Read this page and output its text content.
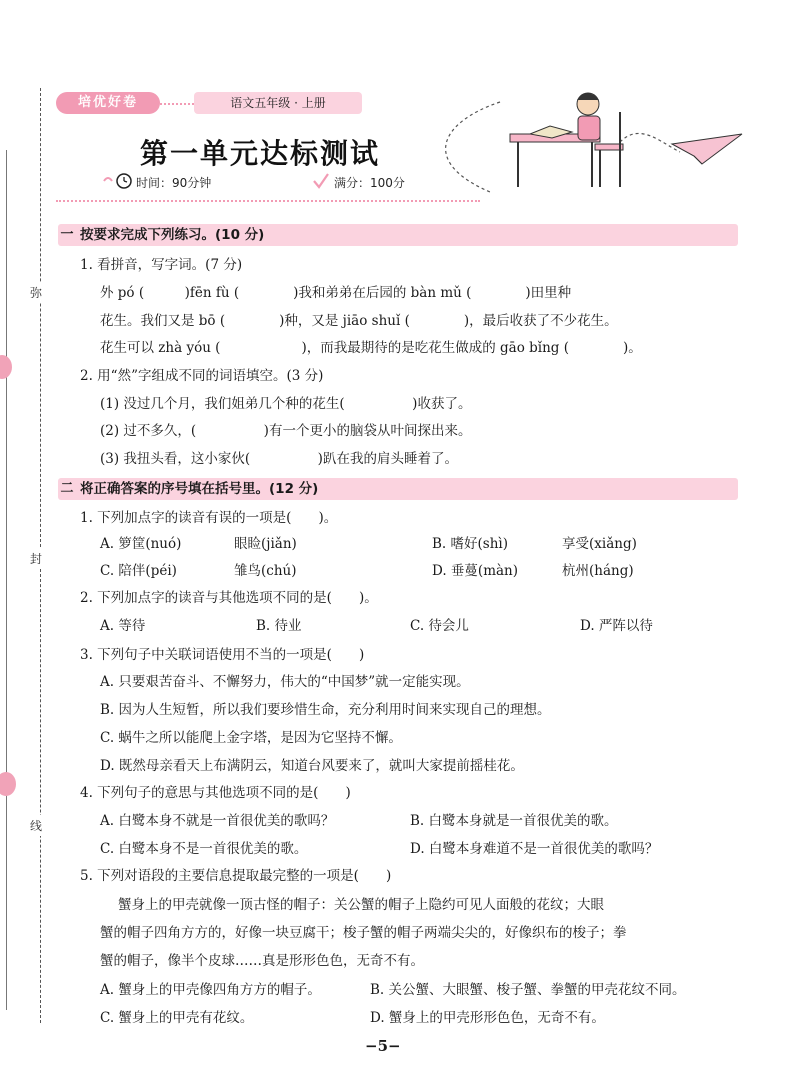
弥
封
线
培优好卷	语文五年级 · 上册
第一单元达标测试
时间：90分钟	满分：100分
一 按要求完成下列练习。(10 分)
1. 看拼音，写字词。(7 分)
外 pó (　　　)fēn fù (　　　　)我和弟弟在后园的 bàn mǔ (　　　　)田里种
花生。我们又是 bō (　　　　)种，又是 jiāo shuǐ (　　　　)，最后收获了不少花生。
花生可以 zhà yóu (　　　　　　)，而我最期待的是吃花生做成的 gāo bǐng (　　　　)。
2. 用“然”字组成不同的词语填空。(3 分)
(1) 没过几个月，我们姐弟几个种的花生(　　　　　)收获了。
(2) 过不多久，(　　　　　)有一个更小的脑袋从叶间探出来。
(3) 我扭头看，这小家伙(　　　　　)趴在我的肩头睡着了。
二 将正确答案的序号填在括号里。(12 分)
1. 下列加点字的读音有误的一项是(　　)。
A. 箩筐(nuó)	眼睑(jiǎn)	B. 嗜好(shì)	享受(xiǎng)
C. 陪伴(péi)	雏鸟(chú)	D. 垂蔓(màn)	杭州(háng)
2. 下列加点字的读音与其他选项不同的是(　　)。
A. 等待	B. 待业	C. 待会儿	D. 严阵以待
3. 下列句子中关联词语使用不当的一项是(　　)
A. 只要艰苦奋斗、不懈努力，伟大的“中国梦”就一定能实现。
B. 因为人生短暂，所以我们要珍惜生命，充分利用时间来实现自己的理想。
C. 蜗牛之所以能爬上金字塔，是因为它坚持不懈。
D. 既然母亲看天上布满阴云，知道台风要来了，就叫大家提前摇桂花。
4. 下列句子的意思与其他选项不同的是(　　)
A. 白鹭本身不就是一首很优美的歌吗？	B. 白鹭本身就是一首很优美的歌。
C. 白鹭本身不是一首很优美的歌。	D. 白鹭本身难道不是一首很优美的歌吗？
5. 下列对语段的主要信息提取最完整的一项是(　　)
蟹身上的甲壳就像一顶古怪的帽子：关公蟹的帽子上隐约可见人面般的花纹；大眼
蟹的帽子四角方方的，好像一块豆腐干；梭子蟹的帽子两端尖尖的，好像织布的梭子；拳
蟹的帽子，像半个皮球……真是形形色色，无奇不有。
A. 蟹身上的甲壳像四角方方的帽子。	B. 关公蟹、大眼蟹、梭子蟹、拳蟹的甲壳花纹不同。
C. 蟹身上的甲壳有花纹。	D. 蟹身上的甲壳形形色色，无奇不有。
−5−
